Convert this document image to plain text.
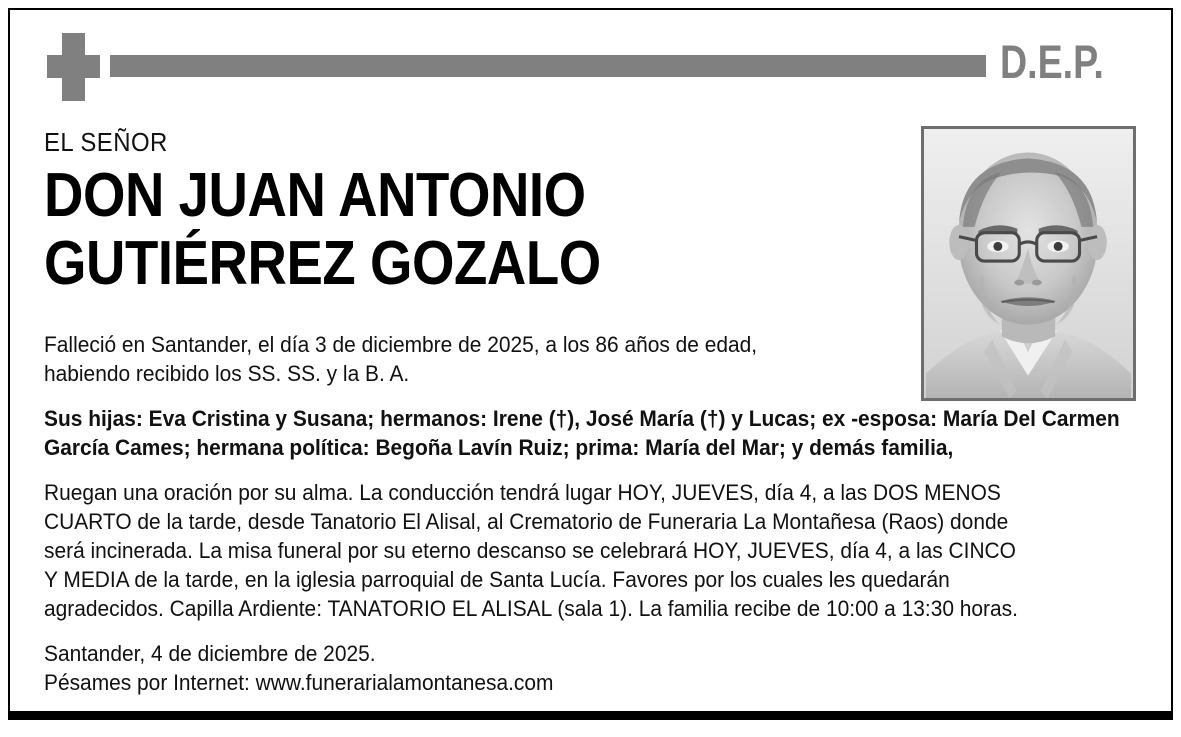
D.E.P.
EL SEÑOR
DON JUAN ANTONIO
GUTIÉRREZ GOZALO
Falleció en Santander, el día 3 de diciembre de 2025, a los 86 años de edad,
habiendo recibido los SS. SS. y la B. A.
Sus hijas: Eva Cristina y Susana; hermanos: Irene (†), José María (†) y Lucas; ex -esposa: María Del Carmen
García Cames; hermana política: Begoña Lavín Ruiz; prima: María del Mar; y demás familia,
Ruegan una oración por su alma. La conducción tendrá lugar HOY, JUEVES, día 4, a las DOS MENOS
CUARTO de la tarde, desde Tanatorio El Alisal, al Crematorio de Funeraria La Montañesa (Raos) donde
será incinerada. La misa funeral por su eterno descanso se celebrará HOY, JUEVES, día 4, a las CINCO
Y MEDIA de la tarde, en la iglesia parroquial de Santa Lucía. Favores por los cuales les quedarán
agradecidos. Capilla Ardiente: TANATORIO EL ALISAL (sala 1). La familia recibe de 10:00 a 13:30 horas.
Santander, 4 de diciembre de 2025.
Pésames por Internet: www.funerarialamontanesa.com
